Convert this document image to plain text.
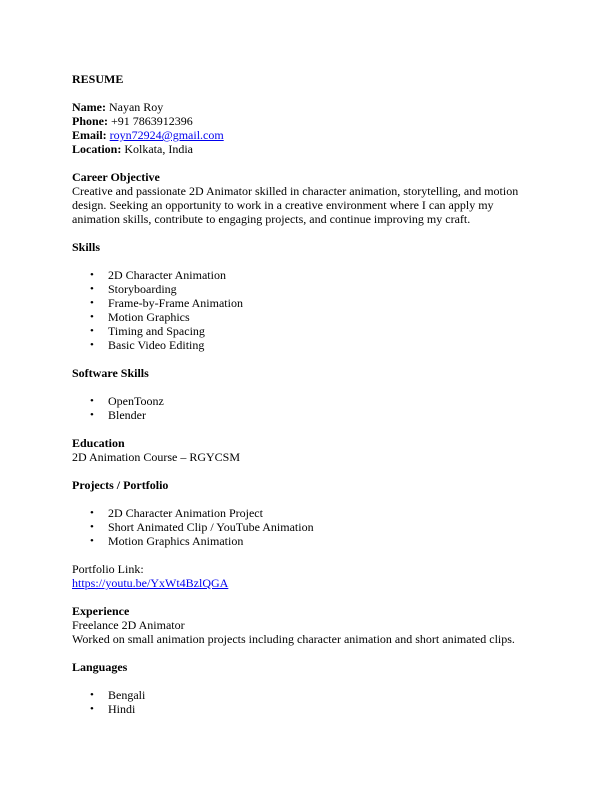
RESUME

Name: Nayan Roy

Phone: +91 7863912396

Email: royn72924@gmail.com

Location: Kolkata, India

Career Objective

Creative and passionate 2D Animator skilled in character animation, storytelling, and motion

design. Seeking an opportunity to work in a creative environment where I can apply my

animation skills, contribute to engaging projects, and continue improving my craft.

Skills

•	2D Character Animation
•	Storyboarding
•	Frame-by-Frame Animation
•	Motion Graphics
•	Timing and Spacing
•	Basic Video Editing

Software Skills

•	OpenToonz
•	Blender

Education

2D Animation Course – RGYCSM

Projects / Portfolio

•	2D Character Animation Project
•	Short Animated Clip / YouTube Animation
•	Motion Graphics Animation

Portfolio Link:

https://youtu.be/YxWt4BzlQGA

Experience

Freelance 2D Animator

Worked on small animation projects including character animation and short animated clips.

Languages

•	Bengali
•	Hindi
